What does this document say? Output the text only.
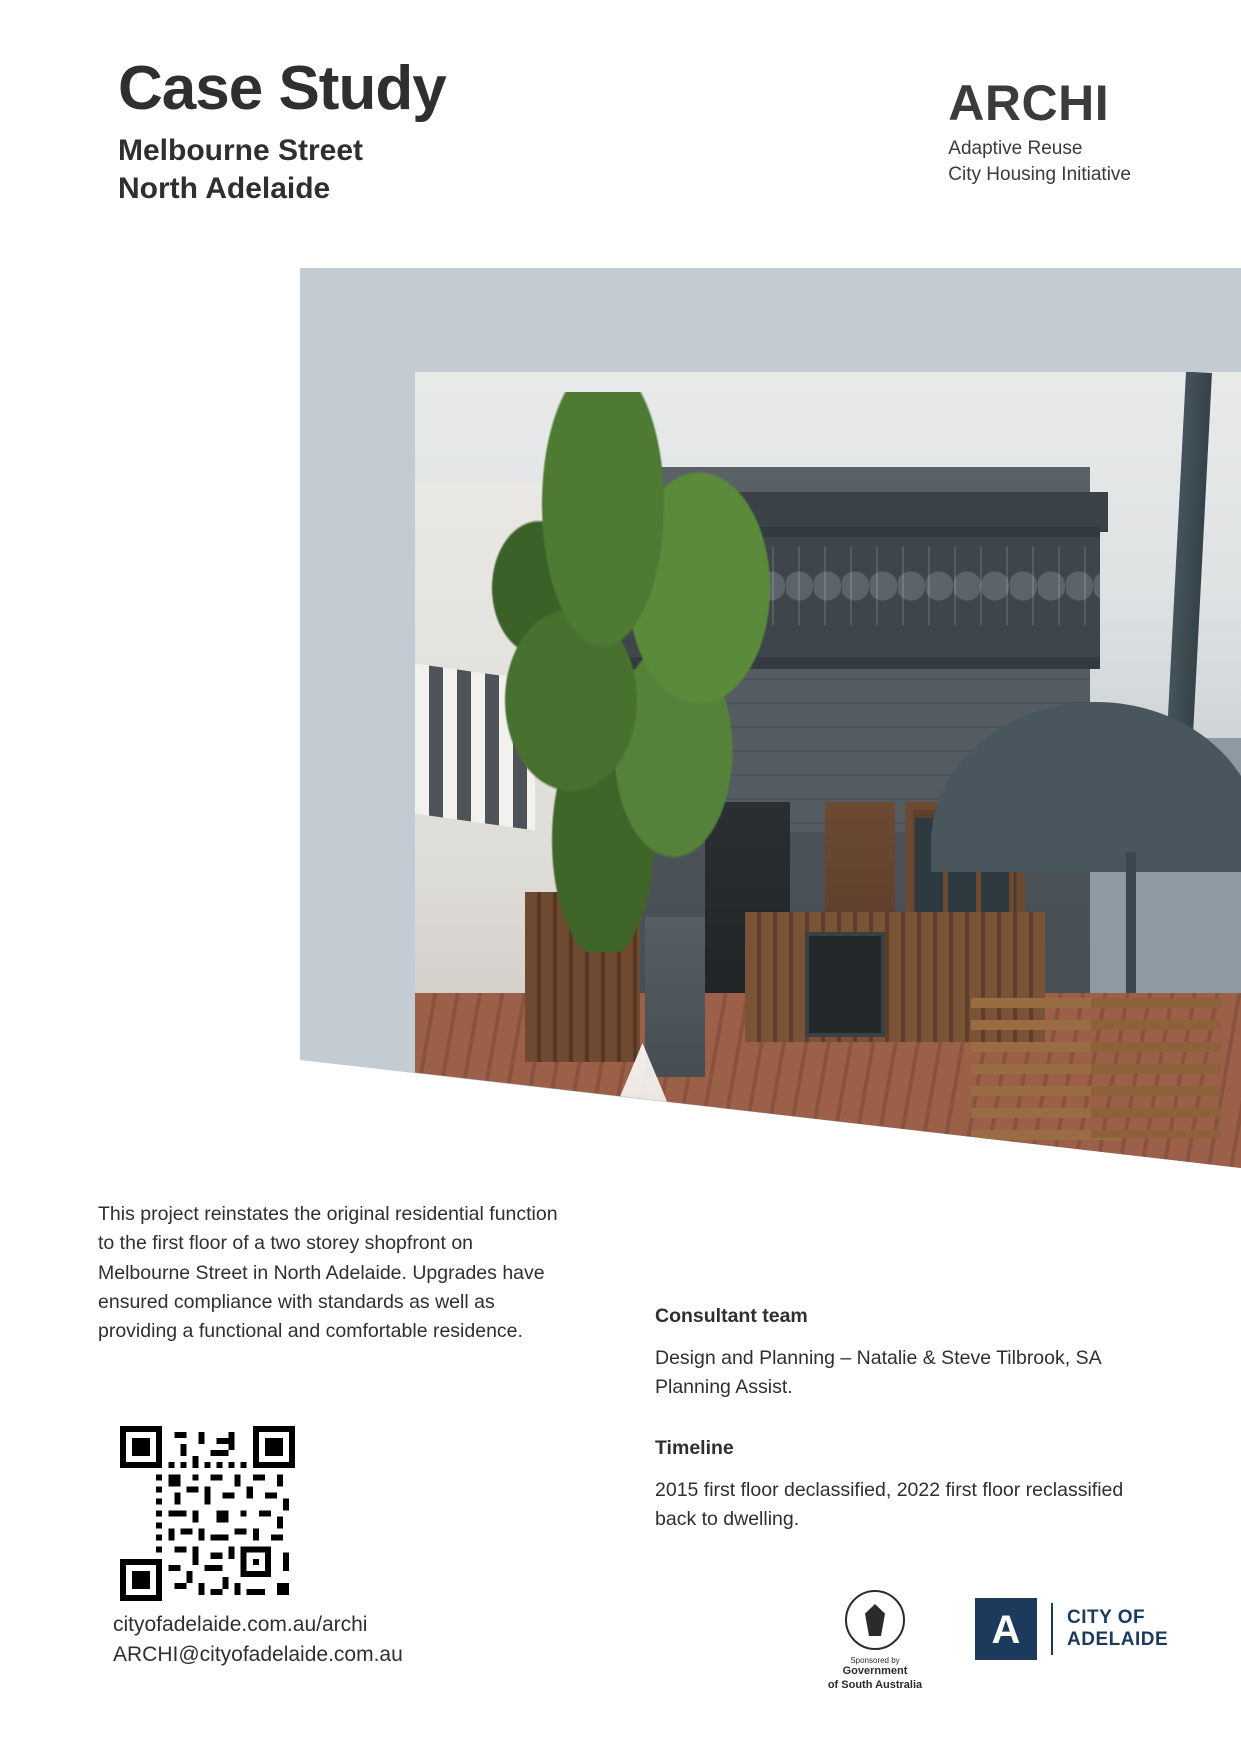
Case Study
Melbourne Street
North Adelaide
ARCHI
Adaptive Reuse
City Housing Initiative
This project reinstates the original residential function to the first floor of a two storey shopfront on Melbourne Street in North Adelaide. Upgrades have ensured compliance with standards as well as providing a functional and comfortable residence.
cityofadelaide.com.au/archi
ARCHI@cityofadelaide.com.au
Consultant team
Design and Planning – Natalie & Steve Tilbrook, SA Planning Assist.
Timeline
2015 first floor declassified, 2022 first floor reclassified back to dwelling.
Sponsored by
Government
of South Australia
A CITY OF
ADELAIDE
